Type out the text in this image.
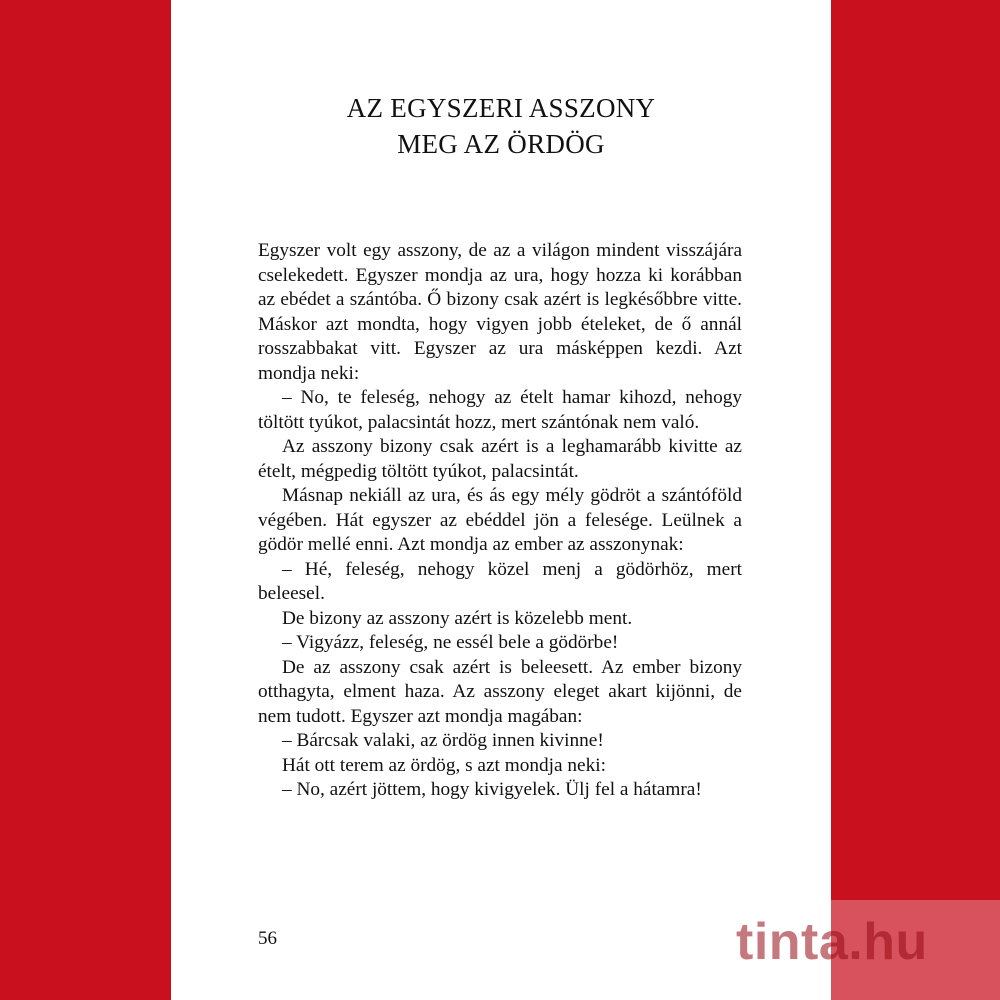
AZ EGYSZERI ASSZONY
MEG AZ ÖRDÖG

Egyszer volt egy asszony, de az a világon mindent visszájára cselekedett. Egyszer mondja az ura, hogy hozza ki korábban az ebédet a szántóba. Ő bizony csak azért is legkésőbbre vitte. Máskor azt mondta, hogy vigyen jobb ételeket, de ő annál rosszabbakat vitt. Egyszer az ura másképpen kezdi. Azt mondja neki:

– No, te feleség, nehogy az ételt hamar kihozd, nehogy töltött tyúkot, palacsintát hozz, mert szántónak nem való.

Az asszony bizony csak azért is a leghamarább kivitte az ételt, mégpedig töltött tyúkot, palacsintát.

Másnap nekiáll az ura, és ás egy mély gödröt a szántóföld végében. Hát egyszer az ebéddel jön a felesége. Leülnek a gödör mellé enni. Azt mondja az ember az asszonynak:

– Hé, feleség, nehogy közel menj a gödörhöz, mert beleesel.

De bizony az asszony azért is közelebb ment.

– Vigyázz, feleség, ne essél bele a gödörbe!

De az asszony csak azért is beleesett. Az ember bizony otthagyta, elment haza. Az asszony eleget akart kijönni, de nem tudott. Egyszer azt mondja magában:

– Bárcsak valaki, az ördög innen kivinne!

Hát ott terem az ördög, s azt mondja neki:

– No, azért jöttem, hogy kivigyelek. Ülj fel a hátamra!

56	tinta.hu
